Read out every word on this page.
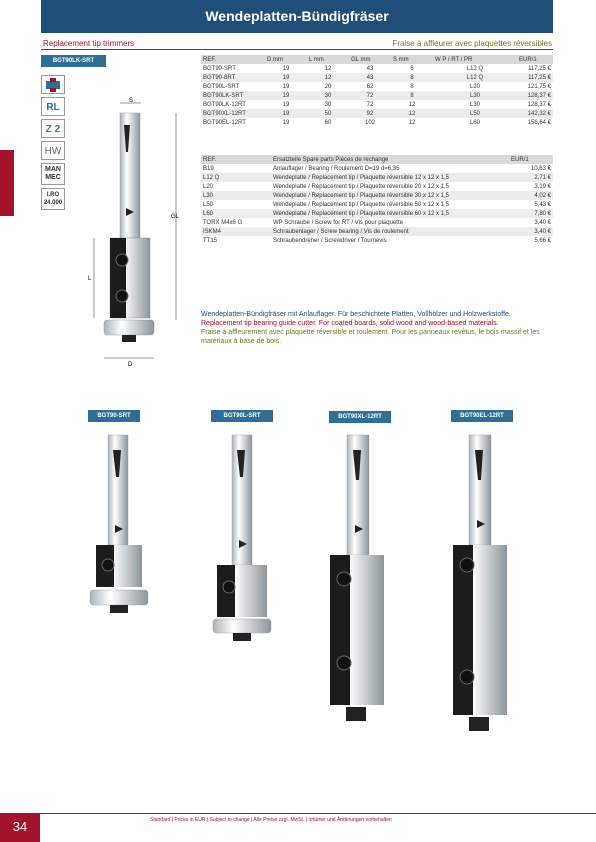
Wendeplatten-Bündigfräser
Replacement tip trimmers	Fraise à affleurer avec plaquettes réversibles
BGT90LK-SRT
RL
Z 2
HW
MAN
MEC
I.RO
24.000
S
GL
L
D
REF.	D mm	L mm	GL mm	S mm	W P / RT / PR	EUR/1
BGT90-SRT	19	12	43	6	L12 Q	117,25 €
BGT90-8RT	19	12	43	8	L12 Q	117,25 €
BGT90L-SRT	19	20	62	8	L20	121,75 €
BGT90LK-SRT	19	30	72	8	L30	128,37 €
BGT90LK-12RT	19	30	72	12	L30	128,37 €
BGT90XL-12RT	19	50	92	12	L50	142,32 €
BGT90EL-12RT	19	60	102	12	L60	156,64 €
REF.	Ersatzteile Spare parts Pièces de rechange	EUR/1
B19	Anlauflager / Bearing / Roulement D=19 d=6,35	10,63 €
L12 Q	Wendeplatte / Replacement tip / Plaquette réversible 12 x 12 x 1,5	2,71 €
L20	Wendeplatte / Replacement tip / Plaquette réversible 20 x 12 x 1,5	3,19 €
L30	Wendeplatte / Replacement tip / Plaquette réversible 30 x 12 x 1,5	4,02 €
L50	Wendeplatte / Replacement tip / Plaquette réversible 50 x 12 x 1,5	5,43 €
L60	Wendeplatte / Replacement tip / Plaquette réversible 60 x 12 x 1,5	7,80 €
TORX M4x6 G	WP Schraube / Screw for RT / Vis pour plaquette	3,40 €
ISKM4	Schraubenlager / Screw bearing / Vis de roulement	3,40 €
TT15	Schraubendreher / Screwdriver / Tournevis	5,66 €
Wendeplatten-Bündigfräser mit Anlauflager. Für beschichtete Platten, Vollhölzer und Holzwerkstoffe.
Replacement tip bearing guide cutter. For coated boards, solid wood and wood-based materials.
Fraise à affleurement avec plaquette réversible et roulement. Pour les panneaux revêtus, le bois massif et les matériaux à base de bois.
BGT90-SRT	BGT90L-SRT	BGT90XL-12RT	BGT90EL-12RT
34	Standard | Prices in EUR | Subject to change | Alle Preise zzgl. MwSt. | Irrtümer und Änderungen vorbehalten
